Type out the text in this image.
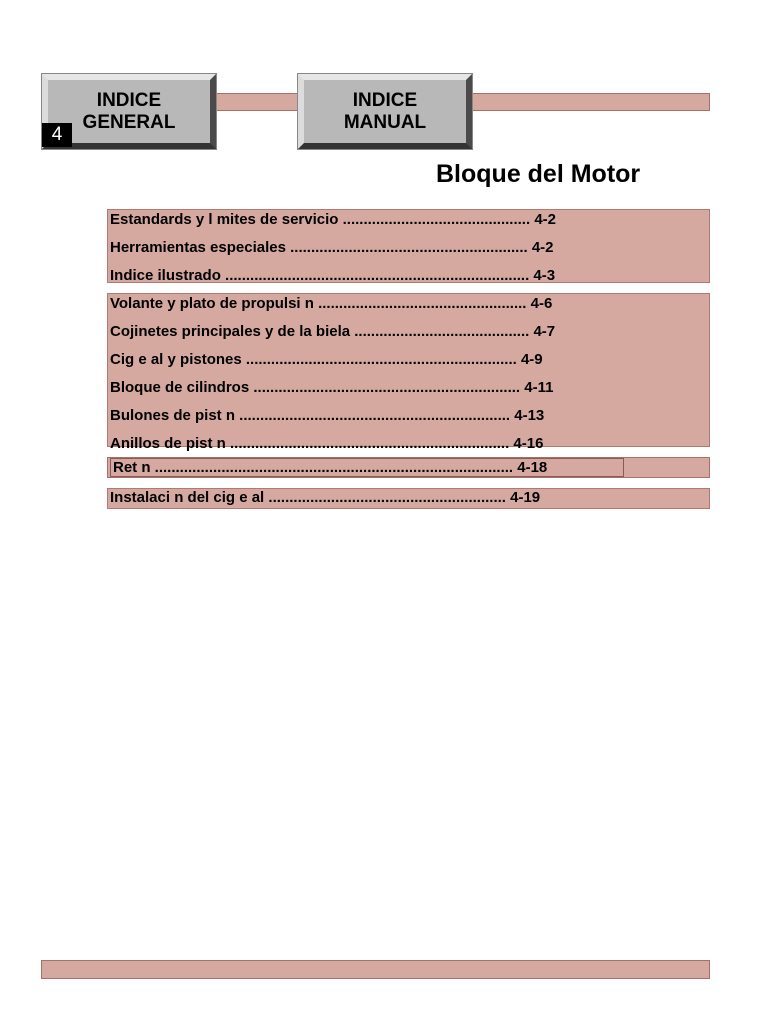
INDICE
GENERAL
4
INDICE
MANUAL
Bloque del Motor
Estandards y l mites de servicio ............................................. 4-2
Herramientas especiales ......................................................... 4-2
Indice ilustrado ......................................................................... 4-3
Volante y plato de propulsi n .................................................. 4-6
Cojinetes principales y de la biela .......................................... 4-7
Cig e al y pistones ................................................................. 4-9
Bloque de cilindros ................................................................ 4-11
Bulones de pist n ................................................................. 4-13
Anillos de pist n ................................................................... 4-16
Ret n ...................................................................................... 4-18
Instalaci n del cig e al ......................................................... 4-19
